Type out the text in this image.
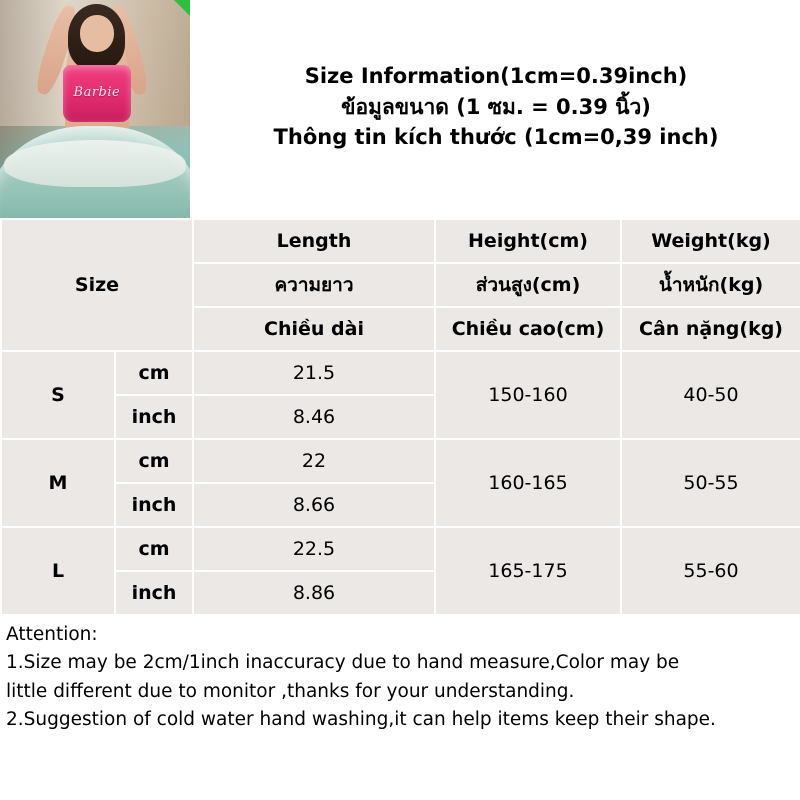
Barbie
Size Information(1cm=0.39inch)
ข้อมูลขนาด (1 ซม. = 0.39 นิ้ว)
Thông tin kích thước (1cm=0,39 inch)
Size		Length	Height(cm)	Weight(kg)
		ความยาว	ส่วนสูง(cm)	น้ำหนัก(kg)
		Chiều dài	Chiều cao(cm)	Cân nặng(kg)
S	cm	21.5	150-160	40-50
	inch	8.46		
M	cm	22	160-165	50-55
	inch	8.66		
L	cm	22.5	165-175	55-60
	inch	8.86		

Attention:

1.Size may be 2cm/1inch inaccuracy due to hand measure,Color may be

little different due to monitor ,thanks for your understanding.

2.Suggestion of cold water hand washing,it can help items keep their shape.
